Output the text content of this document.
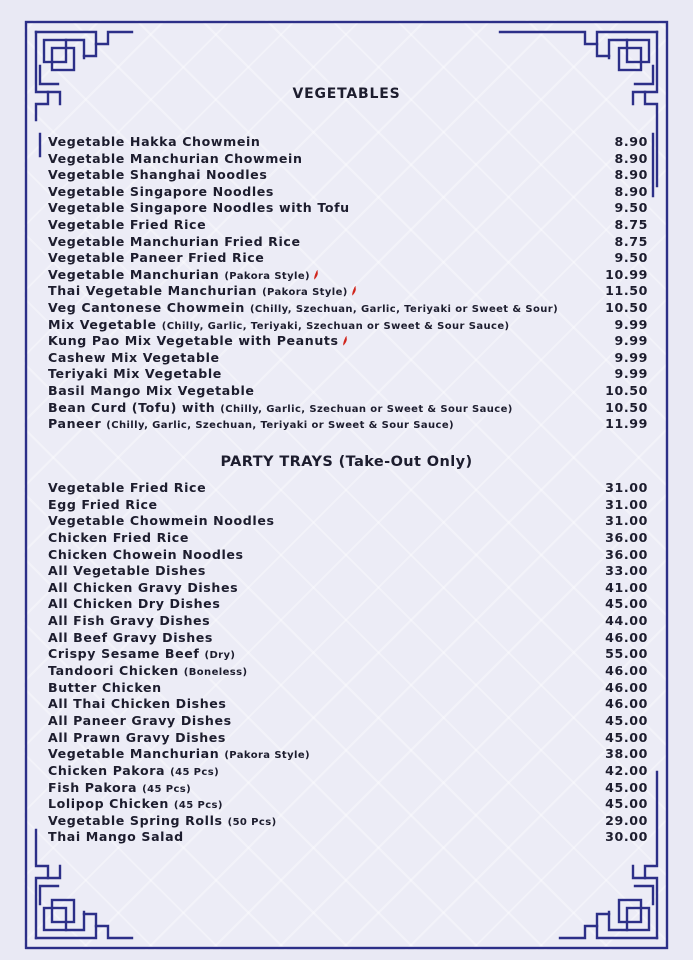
VEGETABLES
Vegetable Hakka Chowmein	8.90
Vegetable Manchurian Chowmein	8.90
Vegetable Shanghai Noodles	8.90
Vegetable Singapore Noodles	8.90
Vegetable Singapore Noodles with Tofu	9.50
Vegetable Fried Rice	8.75
Vegetable Manchurian Fried Rice	8.75
Vegetable Paneer Fried Rice	9.50
Vegetable Manchurian (Pakora Style)	10.99
Thai Vegetable Manchurian (Pakora Style)	11.50
Veg Cantonese Chowmein (Chilly, Szechuan, Garlic, Teriyaki or Sweet & Sour)	10.50
Mix Vegetable (Chilly, Garlic, Teriyaki, Szechuan or Sweet & Sour Sauce)	9.99
Kung Pao Mix Vegetable with Peanuts	9.99
Cashew Mix Vegetable	9.99
Teriyaki Mix Vegetable	9.99
Basil Mango Mix Vegetable	10.50
Bean Curd (Tofu) with (Chilly, Garlic, Szechuan or Sweet & Sour Sauce)	10.50
Paneer (Chilly, Garlic, Szechuan, Teriyaki or Sweet & Sour Sauce)	11.99
PARTY TRAYS (Take-Out Only)
Vegetable Fried Rice	31.00
Egg Fried Rice	31.00
Vegetable Chowmein Noodles	31.00
Chicken Fried Rice	36.00
Chicken Chowein Noodles	36.00
All Vegetable Dishes	33.00
All Chicken Gravy Dishes	41.00
All Chicken Dry Dishes	45.00
All Fish Gravy Dishes	44.00
All Beef Gravy Dishes	46.00
Crispy Sesame Beef (Dry)	55.00
Tandoori Chicken (Boneless)	46.00
Butter Chicken	46.00
All Thai Chicken Dishes	46.00
All Paneer Gravy Dishes	45.00
All Prawn Gravy Dishes	45.00
Vegetable Manchurian (Pakora Style)	38.00
Chicken Pakora (45 Pcs)	42.00
Fish Pakora (45 Pcs)	45.00
Lolipop Chicken (45 Pcs)	45.00
Vegetable Spring Rolls (50 Pcs)	29.00
Thai Mango Salad	30.00
